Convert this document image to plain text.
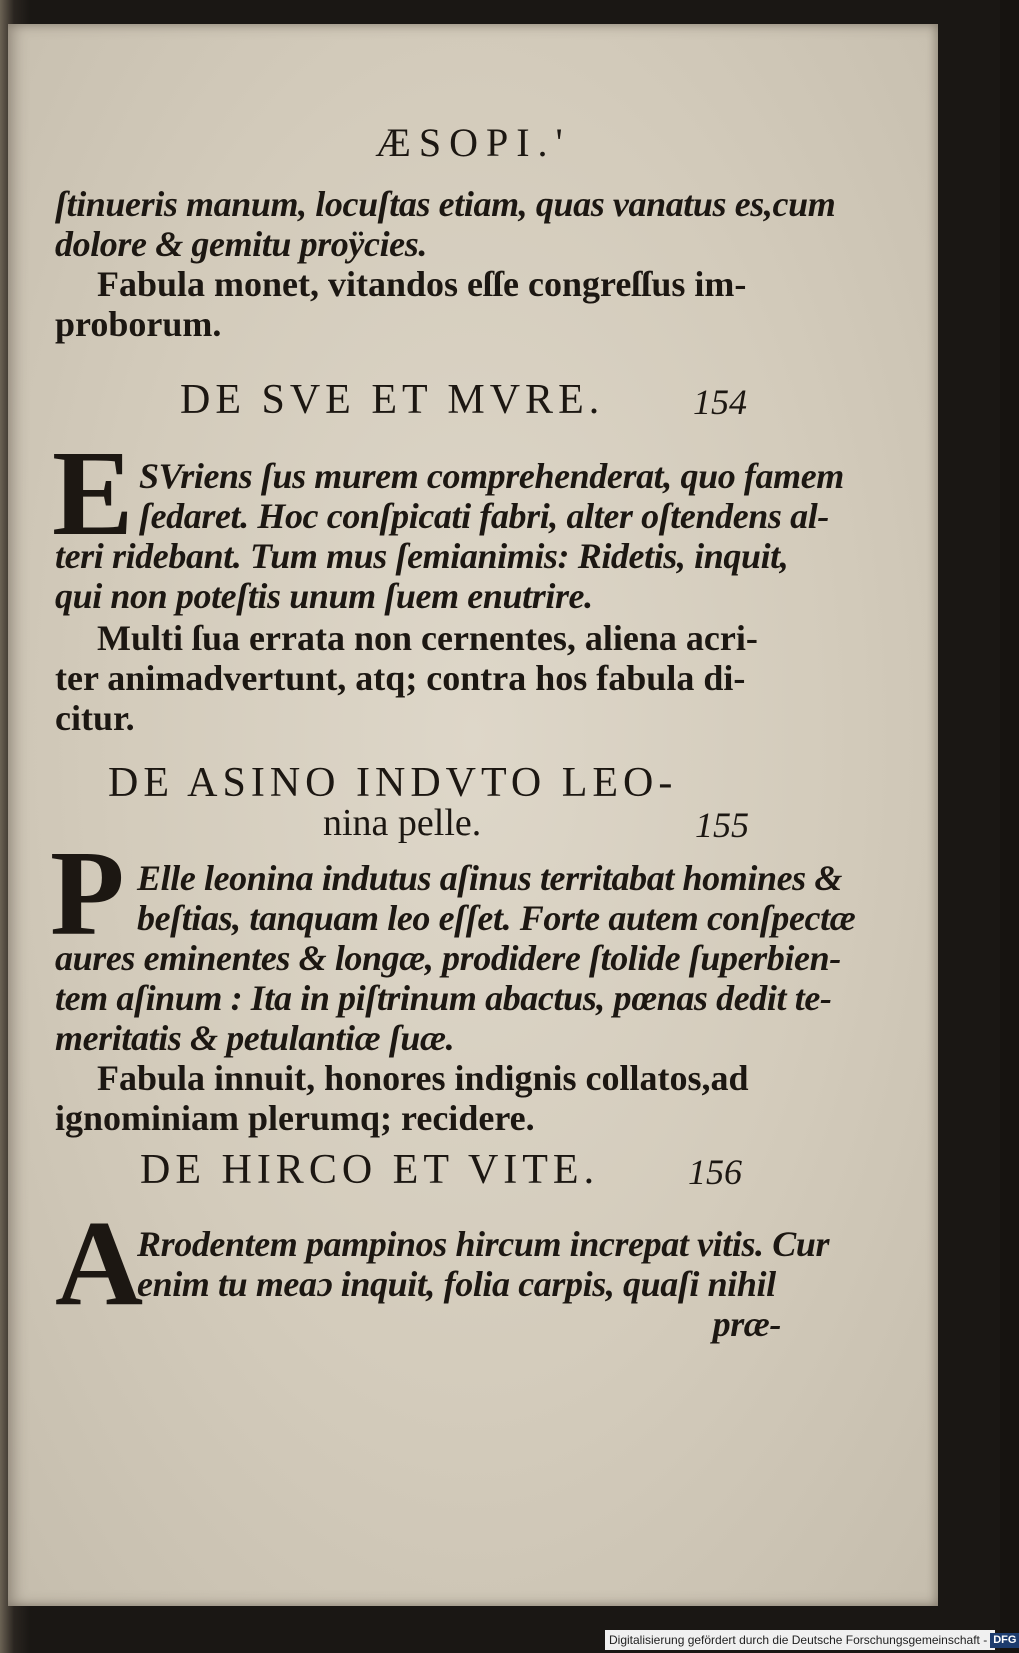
ÆSOPI.'
ſtinueris manum, locuſtas etiam, quas vanatus es,cum
dolore & gemitu proÿcies.
Fabula monet, vitandos eſſe congreſſus im-
proborum.
DE SVE ET MVRE. 154
E SVriens ſus murem comprehenderat, quo famem
ſedaret. Hoc conſpicati fabri, alter oſtendens al-
teri ridebant. Tum mus ſemianimis: Ridetis, inquit,
qui non poteſtis unum ſuem enutrire.
Multi ſua errata non cernentes, aliena acri-
ter animadvertunt, atq; contra hos fabula di-
citur.
DE ASINO INDVTO LEO-
nina pelle.	155
P Elle leonina indutus aſinus territabat homines &
beſtias, tanquam leo eſſet. Forte autem conſpectæ
aures eminentes & longæ, prodidere ſtolide ſuperbien-
tem aſinum : Ita in piſtrinum abactus, pœnas dedit te-
meritatis & petulantiæ ſuæ.
Fabula innuit, honores indignis collatos,ad
ignominiam plerumq; recidere.
DE HIRCO ET VITE. 156
A
Rrodentem pampinos hircum increpat vitis. Cur
enim tu meaɔ inquit, folia carpis, quaſi nihil
præ-
Digitalisierung gefördert durch die Deutsche Forschungsgemeinschaft - DFG
